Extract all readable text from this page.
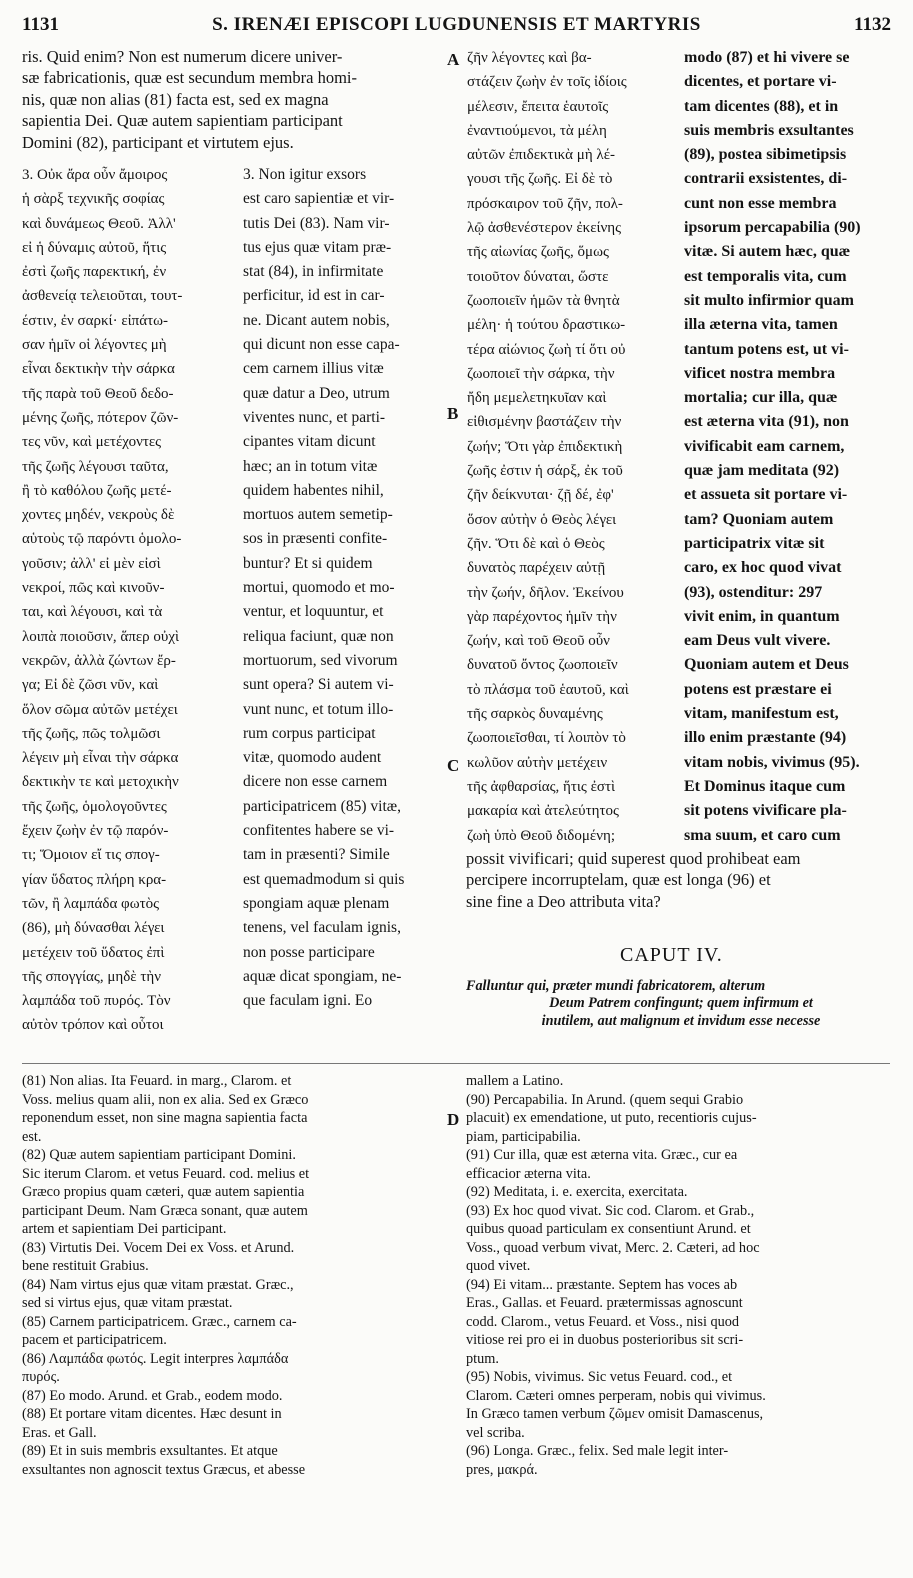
1131	S. IRENÆI EPISCOPI LUGDUNENSIS ET MARTYRIS	1132
ris. Quid enim? Non est numerum dicere univer-
sæ fabricationis, quæ est secundum membra homi-
nis, quæ non alias (81) facta est, sed ex magna
sapientia Dei. Quæ autem sapientiam participant
Domini (82), participant et virtutem ejus.
3. Οὐκ ἄρα οὖν ἄμοιρος
ἡ σὰρξ τεχνικῆς σοφίας
καὶ δυνάμεως Θεοῦ. Ἀλλ'
εἰ ἡ δύναμις αὐτοῦ, ἥτις
ἐστὶ ζωῆς παρεκτική, ἐν
ἀσθενείᾳ τελειοῦται, τουτ-
έστιν, ἐν σαρκί· εἰπάτω-
σαν ἡμῖν οἱ λέγοντες μὴ
εἶναι δεκτικὴν τὴν σάρκα
τῆς παρὰ τοῦ Θεοῦ δεδο-
μένης ζωῆς, πότερον ζῶν-
τες νῦν, καὶ μετέχοντες
τῆς ζωῆς λέγουσι ταῦτα,
ἢ τὸ καθόλου ζωῆς μετέ-
χοντες μηδέν, νεκροὺς δὲ
αὑτοὺς τῷ παρόντι ὁμολο-
γοῦσιν; ἀλλ' εἰ μὲν εἰσὶ
νεκροί, πῶς καὶ κινοῦν-
ται, καὶ λέγουσι, καὶ τὰ
λοιπὰ ποιοῦσιν, ἅπερ οὐχὶ
νεκρῶν, ἀλλὰ ζώντων ἔρ-
γα; Εἰ δὲ ζῶσι νῦν, καὶ
ὅλον σῶμα αὐτῶν μετέχει
τῆς ζωῆς, πῶς τολμῶσι
λέγειν μὴ εἶναι τὴν σάρκα
δεκτικὴν τε καὶ μετοχικὴν
τῆς ζωῆς, ὁμολογοῦντες
ἔχειν ζωὴν ἐν τῷ παρόν-
τι; Ὅμοιον εἴ τις σπογ-
γίαν ὕδατος πλήρη κρα-
τῶν, ἢ λαμπάδα φωτὸς
(86), μὴ δύνασθαι λέγει
μετέχειν τοῦ ὕδατος ἐπὶ
τῆς σπογγίας, μηδὲ τὴν
λαμπάδα τοῦ πυρός. Τὸν
αὐτὸν τρόπον καὶ οὗτοι
3. Non igitur exsors
est caro sapientiæ et vir-
tutis Dei (83). Nam vir-
tus ejus quæ vitam præ-
stat (84), in infirmitate
perficitur, id est in car-
ne. Dicant autem nobis,
qui dicunt non esse capa-
cem carnem illius vitæ
quæ datur a Deo, utrum
viventes nunc, et parti-
cipantes vitam dicunt
hæc; an in totum vitæ
quidem habentes nihil,
mortuos autem semetip-
sos in præsenti confite-
buntur? Et si quidem
mortui, quomodo et mo-
ventur, et loquuntur, et
reliqua faciunt, quæ non
mortuorum, sed vivorum
sunt opera? Si autem vi-
vunt nunc, et totum illo-
rum corpus participat
vitæ, quomodo audent
dicere non esse carnem
participatricem (85) vitæ,
confitentes habere se vi-
tam in præsenti? Simile
est quemadmodum si quis
spongiam aquæ plenam
tenens, vel faculam ignis,
non posse participare
aquæ dicat spongiam, ne-
que faculam igni. Eo
ζῆν λέγοντες καὶ βα-
στάζειν ζωὴν ἐν τοῖς ἰδίοις
μέλεσιν, ἔπειτα ἑαυτοῖς
ἐναντιούμενοι, τὰ μέλη
αὐτῶν ἐπιδεκτικὰ μὴ λέ-
γουσι τῆς ζωῆς. Εἰ δὲ τὸ
πρόσκαιρον τοῦ ζῆν, πολ-
λῷ ἀσθενέστερον ἐκείνης
τῆς αἰωνίας ζωῆς, ὅμως
τοιοῦτον δύναται, ὥστε
ζωοποιεῖν ἡμῶν τὰ θνητὰ
μέλη· ἡ τούτου δραστικω-
τέρα αἰώνιος ζωὴ τί ὅτι οὐ
ζωοποιεῖ τὴν σάρκα, τὴν
ἤδη μεμελετηκυῖαν καὶ
εἰθισμένην βαστάζειν τὴν
ζωήν; Ὅτι γὰρ ἐπιδεκτικὴ
ζωῆς ἐστιν ἡ σάρξ, ἐκ τοῦ
ζῆν δείκνυται· ζῇ δέ, ἐφ'
ὅσον αὐτὴν ὁ Θεὸς λέγει
ζῆν. Ὅτι δὲ καὶ ὁ Θεὸς
δυνατὸς παρέχειν αὐτῇ
τὴν ζωήν, δῆλον. Ἐκείνου
γὰρ παρέχοντος ἡμῖν τὴν
ζωήν, καὶ τοῦ Θεοῦ οὖν
δυνατοῦ ὄντος ζωοποιεῖν
τὸ πλάσμα τοῦ ἑαυτοῦ, καὶ
τῆς σαρκὸς δυναμένης
ζωοποιεῖσθαι, τί λοιπὸν τὸ
κωλῦον αὐτὴν μετέχειν
τῆς ἀφθαρσίας, ἥτις ἐστὶ
μακαρία καὶ ἀτελεύτητος
ζωὴ ὑπὸ Θεοῦ διδομένη;
modo (87) et hi vivere se
dicentes, et portare vi-
tam dicentes (88), et in
suis membris exsultantes
(89), postea sibimetipsis
contrarii exsistentes, di-
cunt non esse membra
ipsorum percapabilia (90)
vitæ. Si autem hæc, quæ
est temporalis vita, cum
sit multo infirmior quam
illa æterna vita, tamen
tantum potens est, ut vi-
vificet nostra membra
mortalia; cur illa, quæ
est æterna vita (91), non
vivificabit eam carnem,
quæ jam meditata (92)
et assueta sit portare vi-
tam? Quoniam autem
participatrix vitæ sit
caro, ex hoc quod vivat
(93), ostenditur: 297
vivit enim, in quantum
eam Deus vult vivere.
Quoniam autem et Deus
potens est præstare ei
vitam, manifestum est,
illo enim præstante (94)
vitam nobis, vivimus (95).
Et Dominus itaque cum
sit potens vivificare pla-
sma suum, et caro cum
possit vivificari; quid superest quod prohibeat eam
percipere incorruptelam, quæ est longa (96) et
sine fine a Deo attributa vita?
A
B
C
D
CAPUT IV.
Falluntur qui, præter mundi fabricatorem, alterum
Deum Patrem confingunt; quem infirmum et
inutilem, aut malignum et invidum esse necesse
(81) Non alias. Ita Feuard. in marg., Clarom. et
Voss. melius quam alii, non ex alia. Sed ex Græco
reponendum esset, non sine magna sapientia facta
est.
(82) Quæ autem sapientiam participant Domini.
Sic iterum Clarom. et vetus Feuard. cod. melius et
Græco propius quam cæteri, quæ autem sapientia
participant Deum. Nam Græca sonant, quæ autem
artem et sapientiam Dei participant.
(83) Virtutis Dei. Vocem Dei ex Voss. et Arund.
bene restituit Grabius.
(84) Nam virtus ejus quæ vitam præstat. Græc.,
sed si virtus ejus, quæ vitam præstat.
(85) Carnem participatricem. Græc., carnem ca-
pacem et participatricem.
(86) Λαμπάδα φωτός. Legit interpres λαμπάδα
πυρός.
(87) Eo modo. Arund. et Grab., eodem modo.
(88) Et portare vitam dicentes. Hæc desunt in
Eras. et Gall.
(89) Et in suis membris exsultantes. Et atque
exsultantes non agnoscit textus Græcus, et abesse
mallem a Latino.
(90) Percapabilia. In Arund. (quem sequi Grabio
placuit) ex emendatione, ut puto, recentioris cujus-
piam, participabilia.
(91) Cur illa, quæ est æterna vita. Græc., cur ea
efficacior æterna vita.
(92) Meditata, i. e. exercita, exercitata.
(93) Ex hoc quod vivat. Sic cod. Clarom. et Grab.,
quibus quoad particulam ex consentiunt Arund. et
Voss., quoad verbum vivat, Merc. 2. Cæteri, ad hoc
quod vivet.
(94) Ei vitam... præstante. Septem has voces ab
Eras., Gallas. et Feuard. prætermissas agnoscunt
codd. Clarom., vetus Feuard. et Voss., nisi quod
vitiose rei pro ei in duobus posterioribus sit scri-
ptum.
(95) Nobis, vivimus. Sic vetus Feuard. cod., et
Clarom. Cæteri omnes perperam, nobis qui vivimus.
In Græco tamen verbum ζῶμεν omisit Damascenus,
vel scriba.
(96) Longa. Græc., felix. Sed male legit inter-
pres, μακρά.
